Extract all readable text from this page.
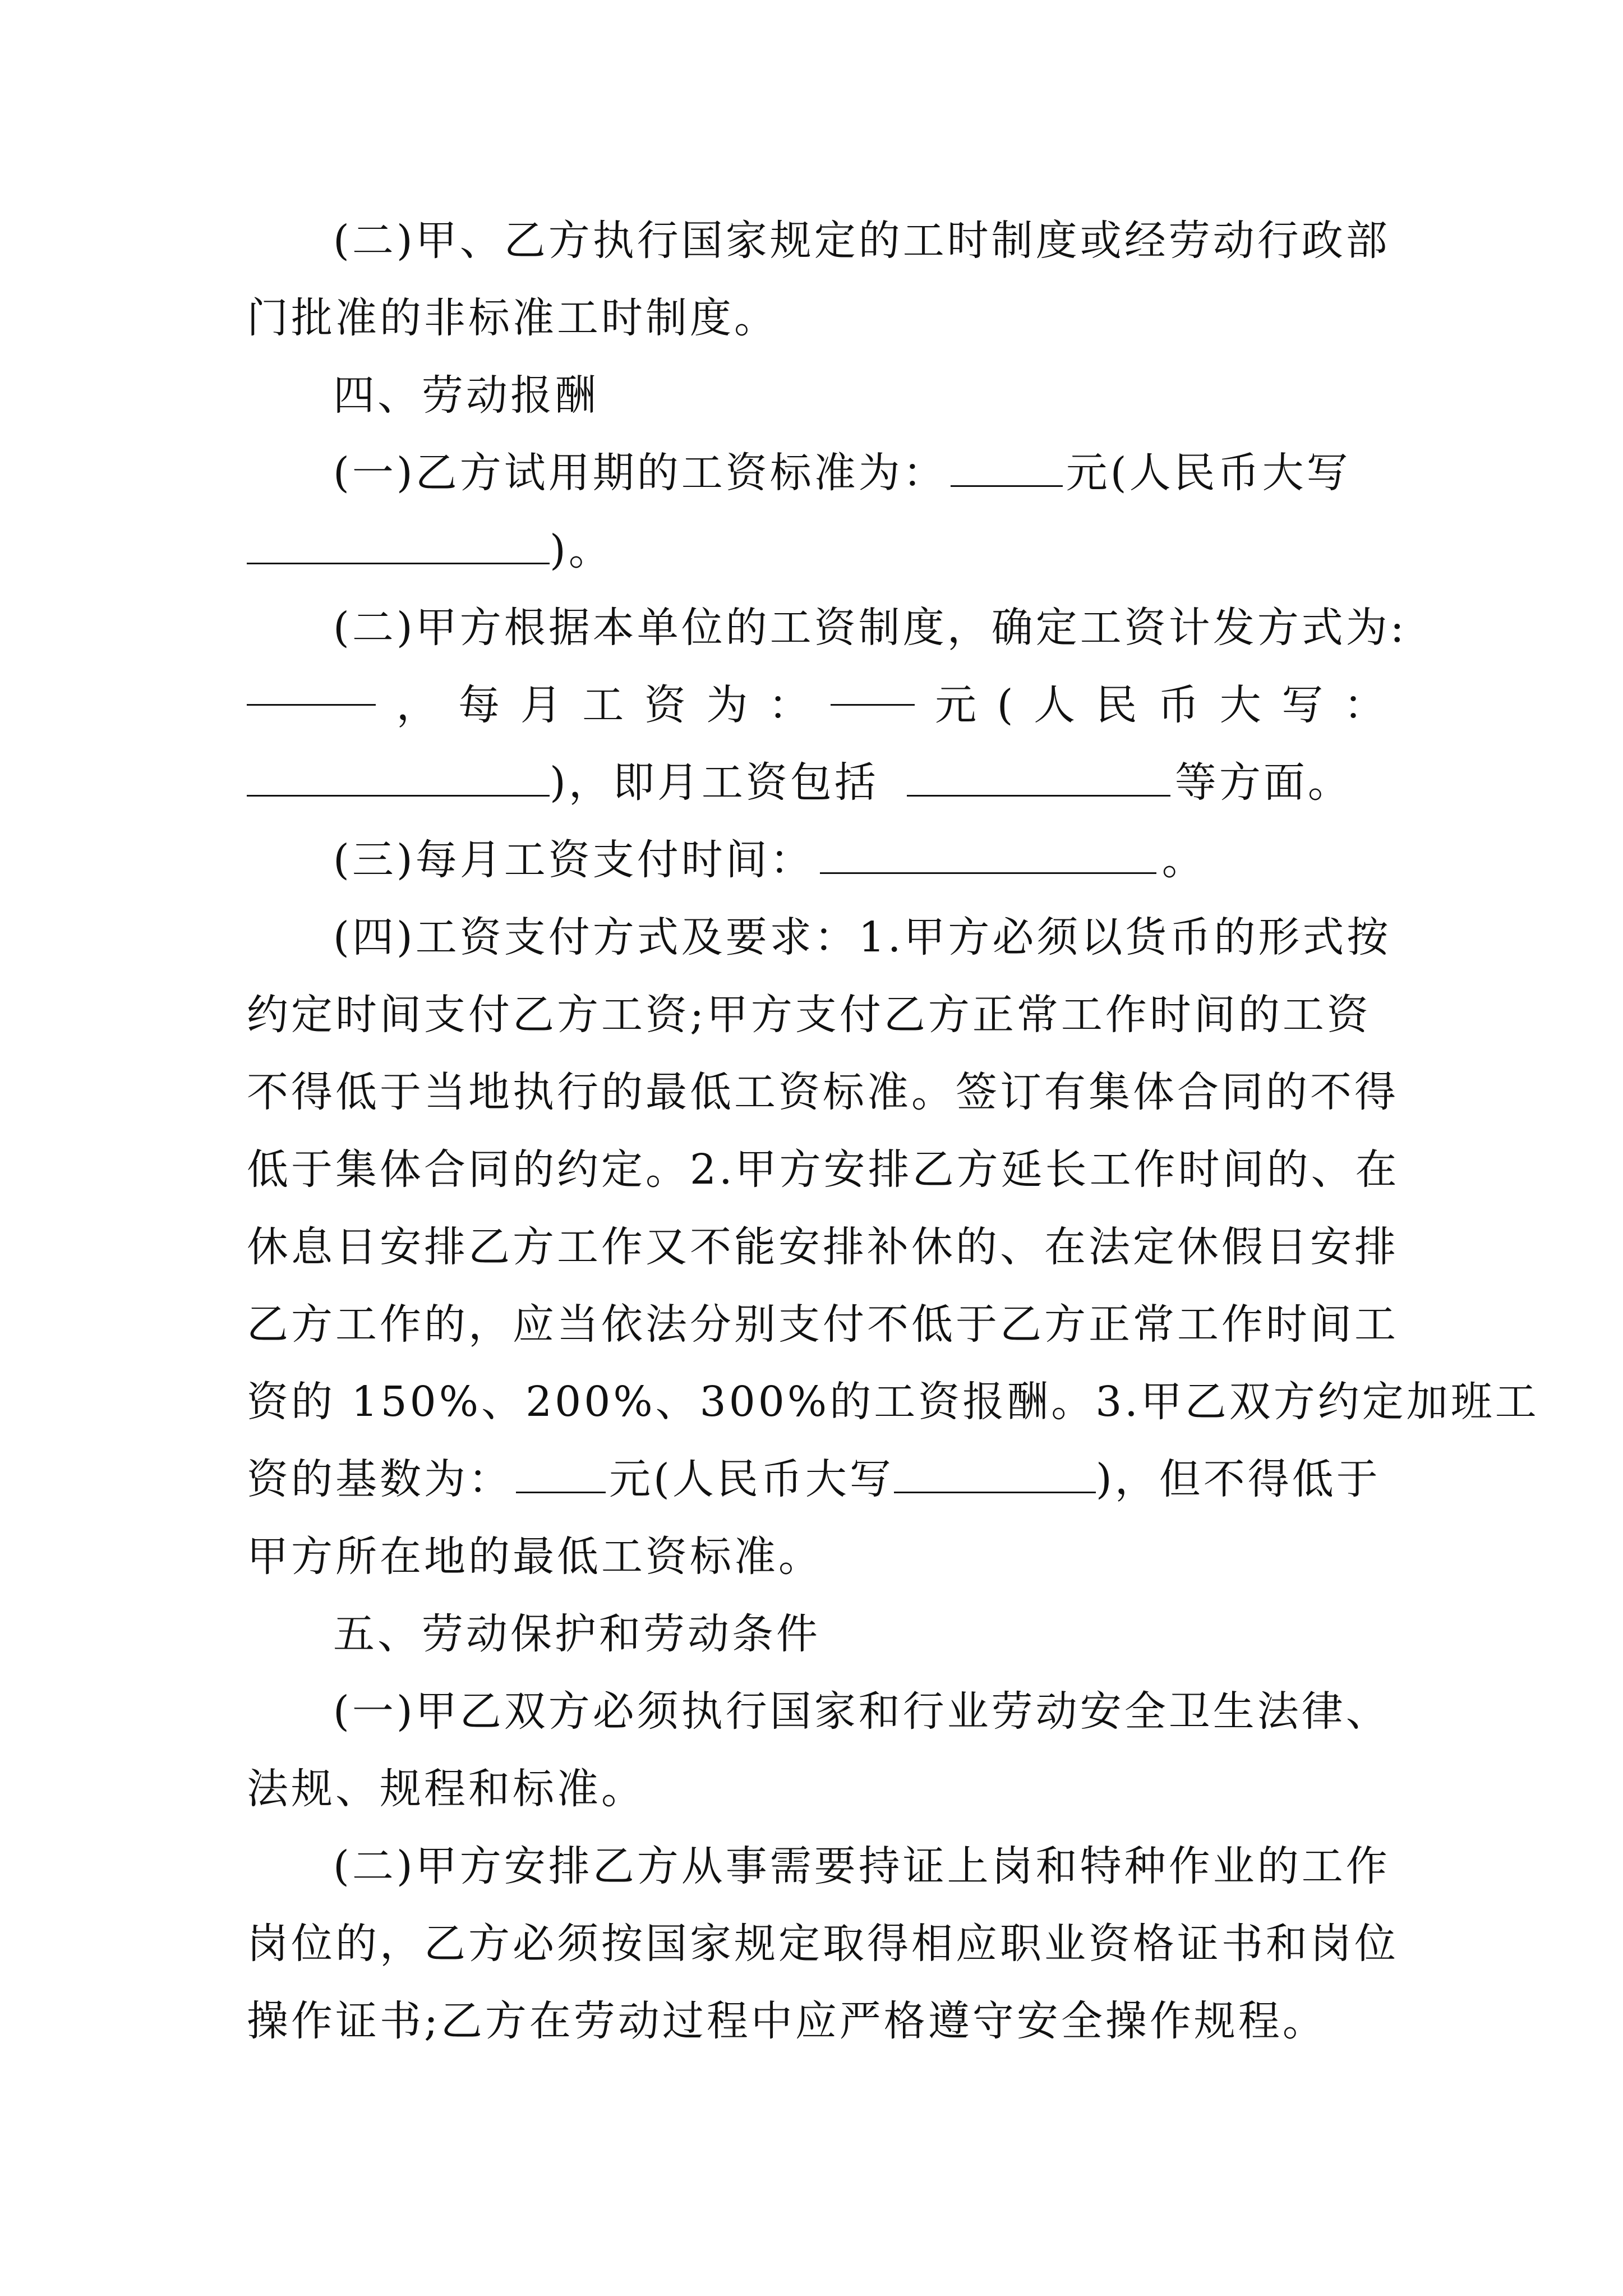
(二)甲、乙方执行国家规定的工时制度或经劳动行政部
门批准的非标准工时制度。
四、劳动报酬
(一)乙方试用期的工资标准为：	元(人民币大写
)。
(二)甲方根据本单位的工资制度，确定工资计发方式为:
， 每 月 工 资 为 ：	元 ( 人 民 币 大 写 ：
)，即月工资包括	等方面。
(三)每月工资支付时间：	。
(四)工资支付方式及要求：1.甲方必须以货币的形式按
约定时间支付乙方工资;甲方支付乙方正常工作时间的工资
不得低于当地执行的最低工资标准。签订有集体合同的不得
低于集体合同的约定。2.甲方安排乙方延长工作时间的、在
休息日安排乙方工作又不能安排补休的、在法定休假日安排
乙方工作的，应当依法分别支付不低于乙方正常工作时间工
资的 150%、200%、300%的工资报酬。3.甲乙双方约定加班工
资的基数为： 元(人民币大写	)，但不得低于
甲方所在地的最低工资标准。
五、劳动保护和劳动条件
(一)甲乙双方必须执行国家和行业劳动安全卫生法律、
法规、规程和标准。
(二)甲方安排乙方从事需要持证上岗和特种作业的工作
岗位的，乙方必须按国家规定取得相应职业资格证书和岗位
操作证书;乙方在劳动过程中应严格遵守安全操作规程。
